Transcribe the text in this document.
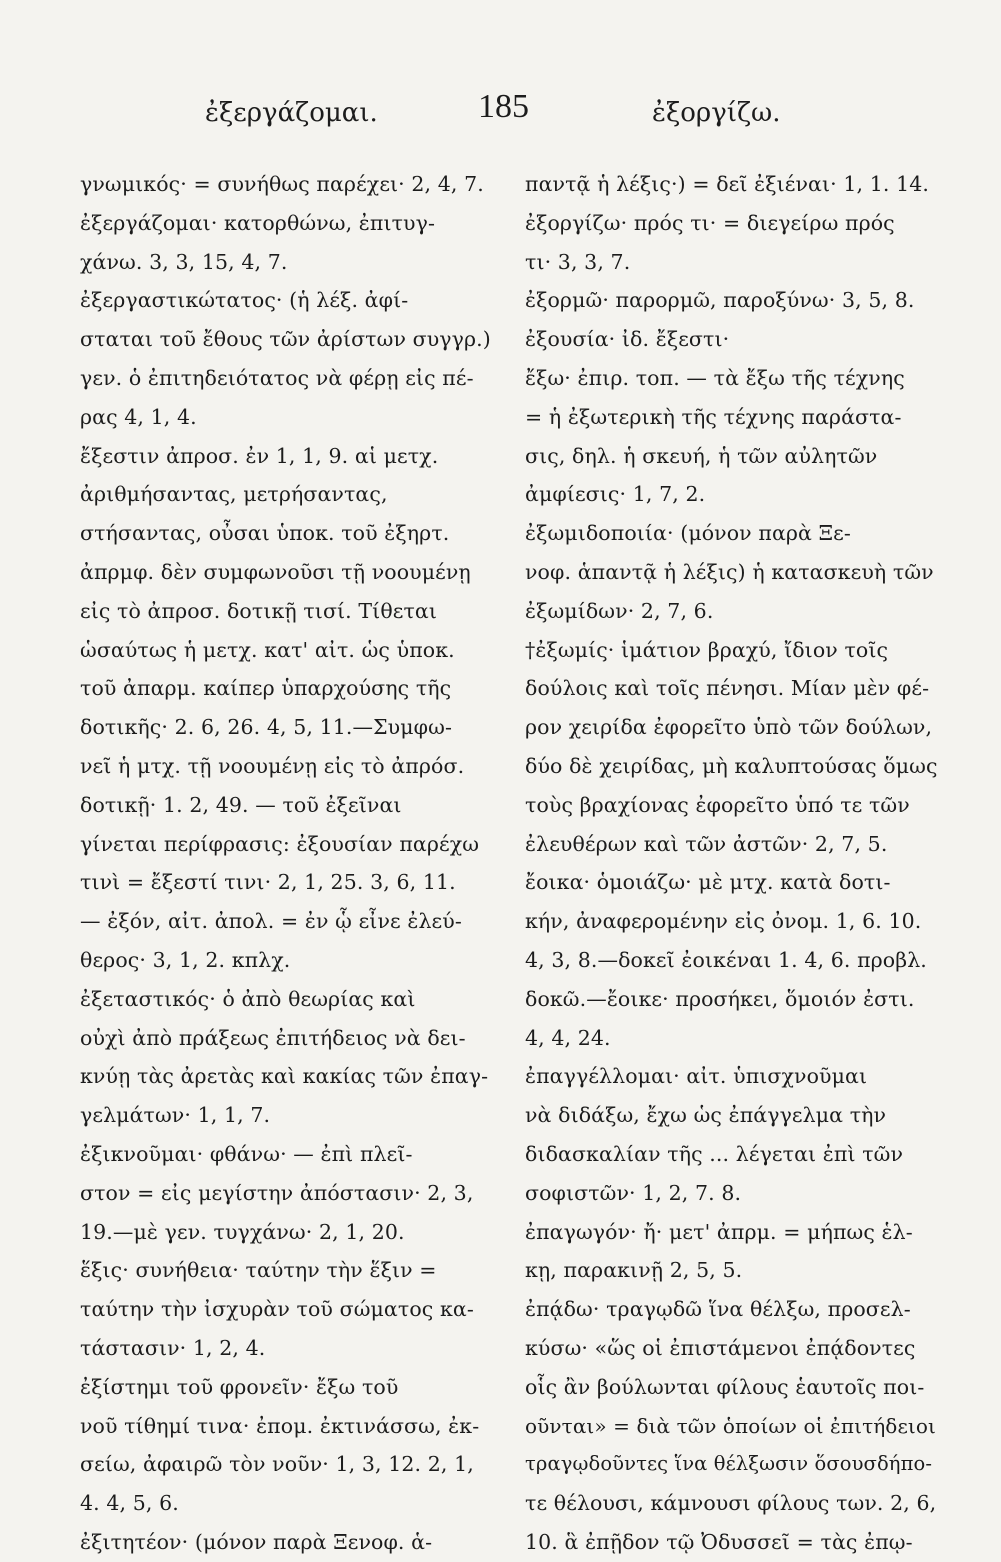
ἐξεργάζομαι.	185	ἐξοργίζω.
γνωμικός· = συνήθως παρέχει· 2, 4, 7.
ἐξεργάζομαι· κατορθώνω, ἐπιτυγ-
χάνω. 3, 3, 15, 4, 7.
ἐξεργαστικώτατος· (ἡ λέξ. ἀφί-
σταται τοῦ ἔθους τῶν ἀρίστων συγγρ.)
γεν. ὁ ἐπιτηδειότατος νὰ φέρῃ εἰς πέ-
ρας 4, 1, 4.
ἔξεστιν ἀπροσ. ἐν 1, 1, 9. αἱ μετχ.
ἀριθμήσαντας, μετρήσαντας,
στήσαντας, οὖσαι ὑποκ. τοῦ ἐξηρτ.
ἀπρμφ. δὲν συμφωνοῦσι τῇ νοουμένῃ
εἰς τὸ ἀπροσ. δοτικῇ τισί. Τίθεται
ὡσαύτως ἡ μετχ. κατ' αἰτ. ὡς ὑποκ.
τοῦ ἀπαρμ. καίπερ ὑπαρχούσης τῆς
δοτικῆς· 2. 6, 26. 4, 5, 11.—Συμφω-
νεῖ ἡ μτχ. τῇ νοουμένῃ εἰς τὸ ἀπρόσ.
δοτικῇ· 1. 2, 49. — τοῦ ἐξεῖναι
γίνεται περίφρασις: ἐξουσίαν παρέχω
τινὶ = ἔξεστί τινι· 2, 1, 25. 3, 6, 11.
— ἐξόν, αἰτ. ἀπολ. = ἐν ᾧ εἶνε ἐλεύ-
θερος· 3, 1, 2. κπλχ.
ἐξεταστικός· ὁ ἀπὸ θεωρίας καὶ
οὐχὶ ἀπὸ πράξεως ἐπιτήδειος νὰ δει-
κνύῃ τὰς ἀρετὰς καὶ κακίας τῶν ἐπαγ-
γελμάτων· 1, 1, 7.
ἐξικνοῦμαι· φθάνω· — ἐπὶ πλεῖ-
στον = εἰς μεγίστην ἀπόστασιν· 2, 3,
19.—μὲ γεν. τυγχάνω· 2, 1, 20.
ἕξις· συνήθεια· ταύτην τὴν ἕξιν =
ταύτην τὴν ἰσχυρὰν τοῦ σώματος κα-
τάστασιν· 1, 2, 4.
ἐξίστημι τοῦ φρονεῖν· ἔξω τοῦ
νοῦ τίθημί τινα· ἐπομ. ἐκτινάσσω, ἐκ-
σείω, ἀφαιρῶ τὸν νοῦν· 1, 3, 12. 2, 1,
4. 4, 5, 6.
ἐξιτητέον· (μόνον παρὰ Ξενοφ. ἁ-
παντᾷ ἡ λέξις·) = δεῖ ἐξιέναι· 1, 1. 14.
ἐξοργίζω· πρός τι· = διεγείρω πρός
τι· 3, 3, 7.
ἐξορμῶ· παρορμῶ, παροξύνω· 3, 5, 8.
ἐξουσία· ἰδ. ἔξεστι·
ἔξω· ἐπιρ. τοπ. — τὰ ἔξω τῆς τέχνης
= ἡ ἐξωτερικὴ τῆς τέχνης παράστα-
σις, δηλ. ἡ σκευή, ἡ τῶν αὐλητῶν
ἀμφίεσις· 1, 7, 2.
ἐξωμιδοποιία· (μόνον παρὰ Ξε-
νοφ. ἁπαντᾷ ἡ λέξις) ἡ κατασκευὴ τῶν
ἐξωμίδων· 2, 7, 6.
†ἐξωμίς· ἱμάτιον βραχύ, ἴδιον τοῖς
δούλοις καὶ τοῖς πένησι. Μίαν μὲν φέ-
ρον χειρίδα ἐφορεῖτο ὑπὸ τῶν δούλων,
δύο δὲ χειρίδας, μὴ καλυπτούσας ὅμως
τοὺς βραχίονας ἐφορεῖτο ὑπό τε τῶν
ἐλευθέρων καὶ τῶν ἀστῶν· 2, 7, 5.
ἔοικα· ὁμοιάζω· μὲ μτχ. κατὰ δοτι-
κήν, ἀναφερομένην εἰς ὀνομ. 1, 6. 10.
4, 3, 8.—δοκεῖ ἐοικέναι 1. 4, 6. προβλ.
δοκῶ.—ἔοικε· προσήκει, ὅμοιόν ἐστι.
4, 4, 24.
ἐπαγγέλλομαι· αἰτ. ὑπισχνοῦμαι
νὰ διδάξω, ἔχω ὡς ἐπάγγελμα τὴν
διδασκαλίαν τῆς ... λέγεται ἐπὶ τῶν
σοφιστῶν· 1, 2, 7. 8.
ἐπαγωγόν· ἤ· μετ' ἀπρμ. = μήπως ἑλ-
κῃ, παρακινῇ 2, 5, 5.
ἐπᾴδω· τραγῳδῶ ἵνα θέλξω, προσελ-
κύσω· «ὥς οἱ ἐπιστάμενοι ἐπᾴδοντες
οἷς ἂν βούλωνται φίλους ἑαυτοῖς ποι-
οῦνται» = διὰ τῶν ὁποίων οἱ ἐπιτήδειοι
τραγῳδοῦντες ἵνα θέλξωσιν ὅσουσδήπο-
τε θέλουσι, κάμνουσι φίλους των. 2, 6,
10. ἃ ἐπῇδον τῷ Ὀδυσσεῖ = τὰς ἐπῳ-
